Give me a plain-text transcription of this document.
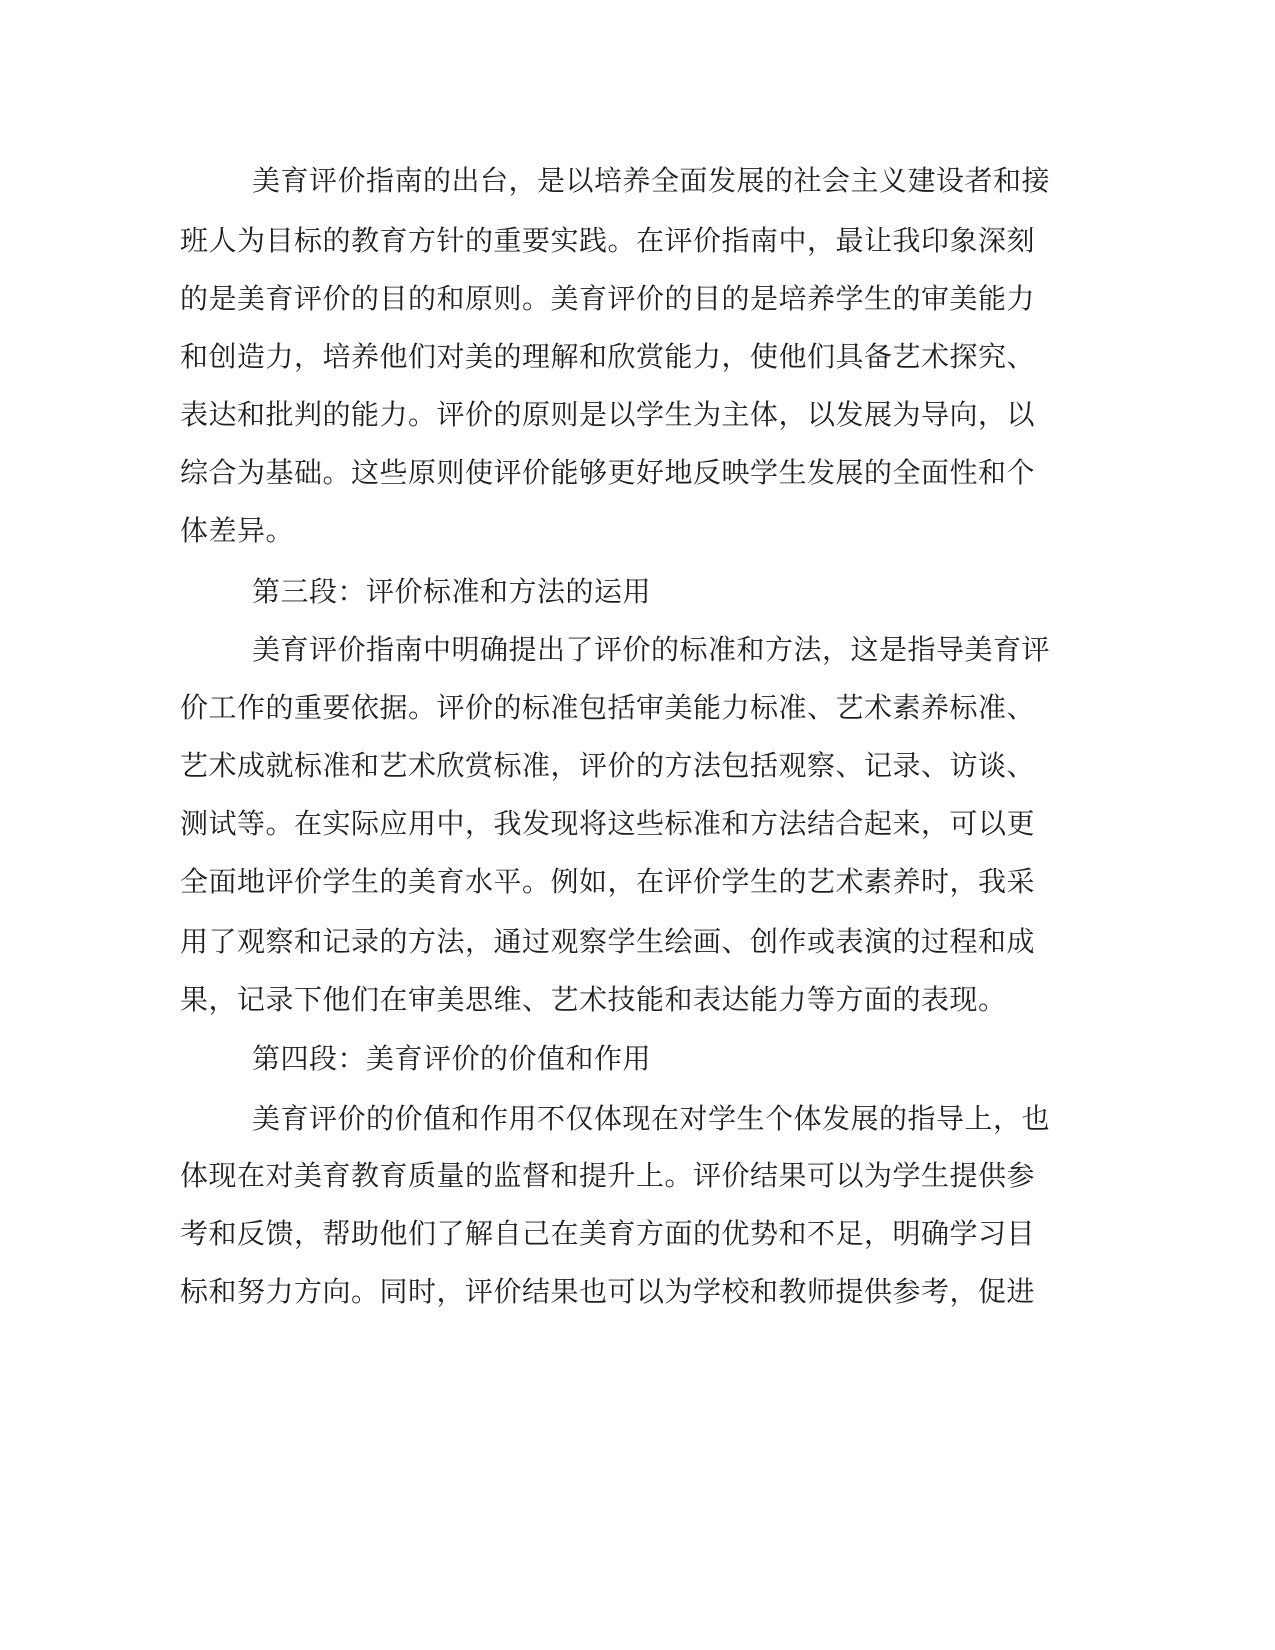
美育评价指南的出台，是以培养全面发展的社会主义建设者和接
班人为目标的教育方针的重要实践。在评价指南中，最让我印象深刻
的是美育评价的目的和原则。美育评价的目的是培养学生的审美能力
和创造力，培养他们对美的理解和欣赏能力，使他们具备艺术探究、
表达和批判的能力。评价的原则是以学生为主体，以发展为导向，以
综合为基础。这些原则使评价能够更好地反映学生发展的全面性和个
体差异。
第三段：评价标准和方法的运用
美育评价指南中明确提出了评价的标准和方法，这是指导美育评
价工作的重要依据。评价的标准包括审美能力标准、艺术素养标准、
艺术成就标准和艺术欣赏标准，评价的方法包括观察、记录、访谈、
测试等。在实际应用中，我发现将这些标准和方法结合起来，可以更
全面地评价学生的美育水平。例如，在评价学生的艺术素养时，我采
用了观察和记录的方法，通过观察学生绘画、创作或表演的过程和成
果，记录下他们在审美思维、艺术技能和表达能力等方面的表现。
第四段：美育评价的价值和作用
美育评价的价值和作用不仅体现在对学生个体发展的指导上，也
体现在对美育教育质量的监督和提升上。评价结果可以为学生提供参
考和反馈，帮助他们了解自己在美育方面的优势和不足，明确学习目
标和努力方向。同时，评价结果也可以为学校和教师提供参考，促进
